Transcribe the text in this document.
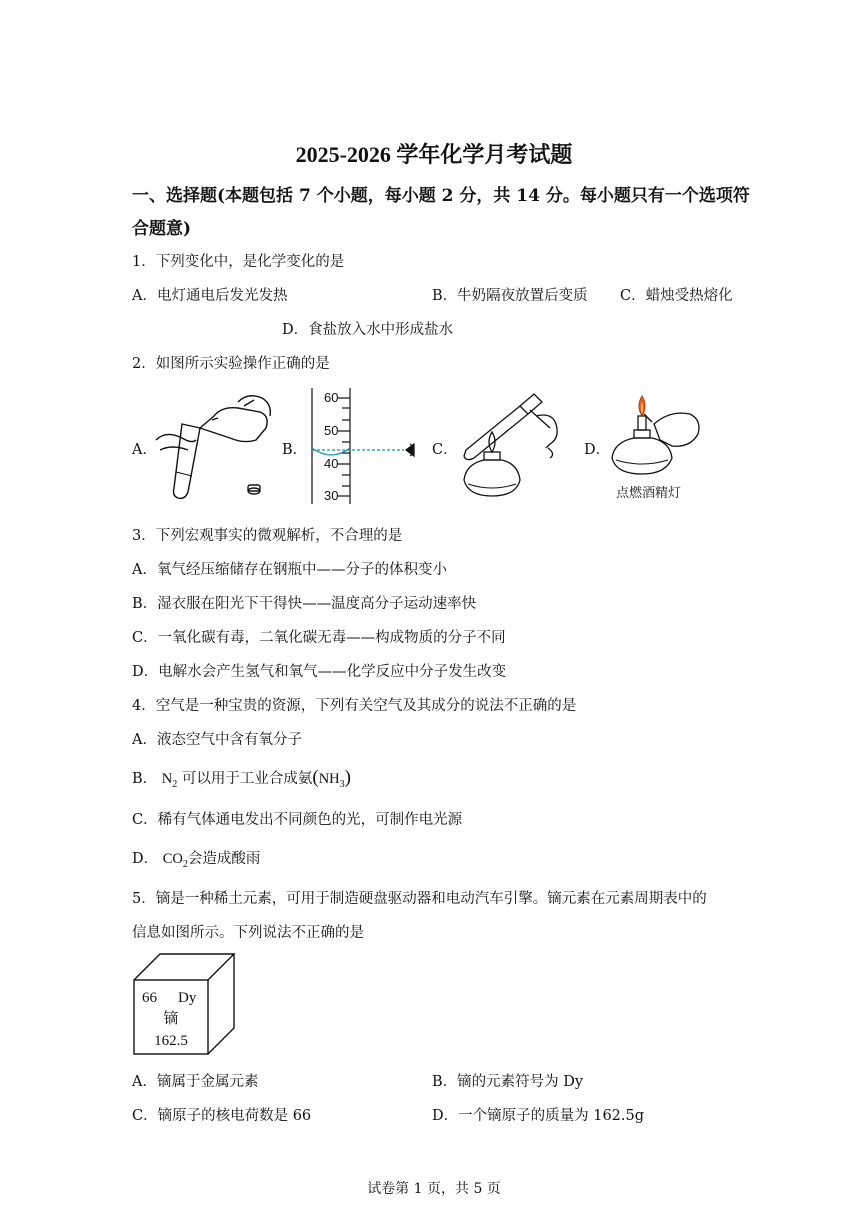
2025-2026 学年化学月考试题
一、选择题(本题包括 7 个小题，每小题 2 分，共 14 分。每小题只有一个选项符
合题意)
1．下列变化中，是化学变化的是
A．电灯通电后发光发热	B．牛奶隔夜放置后变质 C．蜡烛受热熔化
D．食盐放入水中形成盐水
2．如图所示实验操作正确的是
A．	B．
60
50
40
30
C．	D．
点燃酒精灯
3．下列宏观事实的微观解析，不合理的是
A．氧气经压缩储存在钢瓶中——分子的体积变小
B．湿衣服在阳光下干得快——温度高分子运动速率快
C．一氧化碳有毒，二氧化碳无毒——构成物质的分子不同
D．电解水会产生氢气和氧气——化学反应中分子发生改变
4．空气是一种宝贵的资源，下列有关空气及其成分的说法不正确的是
A．液态空气中含有氧分子
B． $N_2$ 可以用于工业合成氨$(NH_3)$
C．稀有气体通电发出不同颜色的光，可制作电光源
D． $CO_2$会造成酸雨
5．镝是一种稀土元素，可用于制造硬盘驱动器和电动汽车引擎。镝元素在元素周期表中的
信息如图所示。下列说法不正确的是
66 Dy
镝
162.5
A．镝属于金属元素	B．镝的元素符号为 Dy
C．镝原子的核电荷数是 66	D．一个镝原子的质量为 162.5g
试卷第 1 页，共 5 页
